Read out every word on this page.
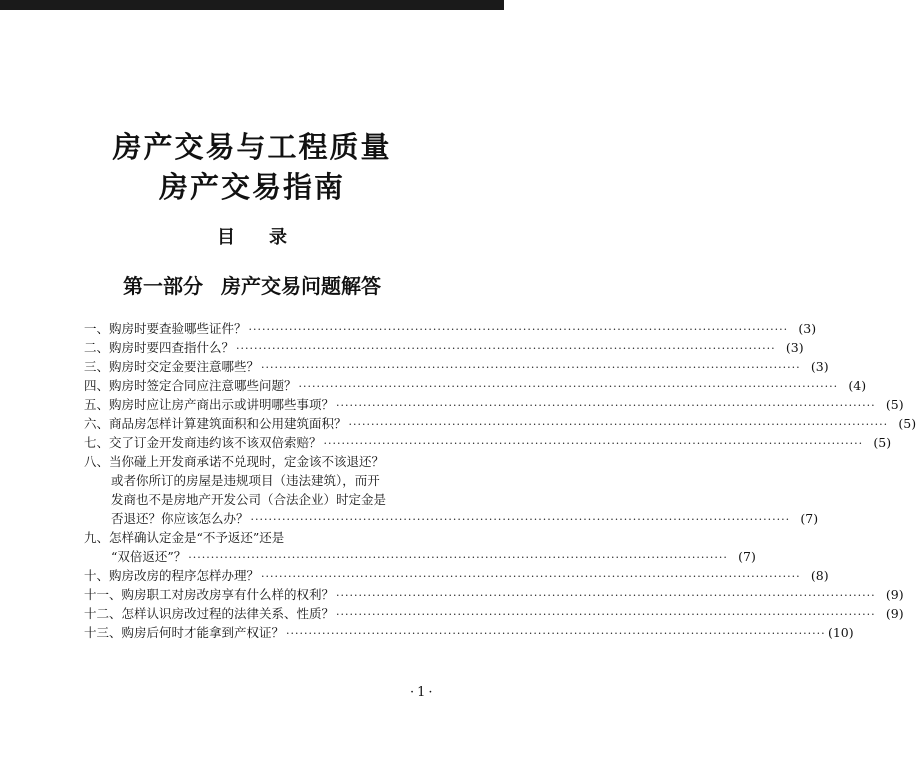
房产交易与工程质量
房产交易指南
目 录
第一部分 房产交易问题解答
一、 购房时要查验哪些证件？ ························································································································ (3)
二、 购房时要四查指什么？ ························································································································ (3)
三、 购房时交定金要注意哪些？ ························································································································ (3)
四、 购房时签定合同应注意哪些问题？ ························································································································ (4)
五、 购房时应让房产商出示或讲明哪些事项？ ························································································································ (5)
六、 商品房怎样计算建筑面积和公用建筑面积？ ························································································································ (5)
七、 交了订金开发商违约该不该双倍索赔？ ························································································································ (5)
八、 当你碰上开发商承诺不兑现时，定金该不该退还？
或者你所订的房屋是违规项目（违法建筑），而开
发商也不是房地产开发公司（合法企业）时定金是
否退还？你应该怎么办？ ························································································································ (7)
九、 怎样确认定金是“不予返还”还是
“双倍返还”？ ························································································································ (7)
十、 购房改房的程序怎样办理？ ························································································································ (8)
十一、 购房职工对房改房享有什么样的权利？ ························································································································ (9)
十二、 怎样认识房改过程的法律关系、性质？ ························································································································ (9)
十三、 购房后何时才能拿到产权证？ ························································································································ (10)
·1·
